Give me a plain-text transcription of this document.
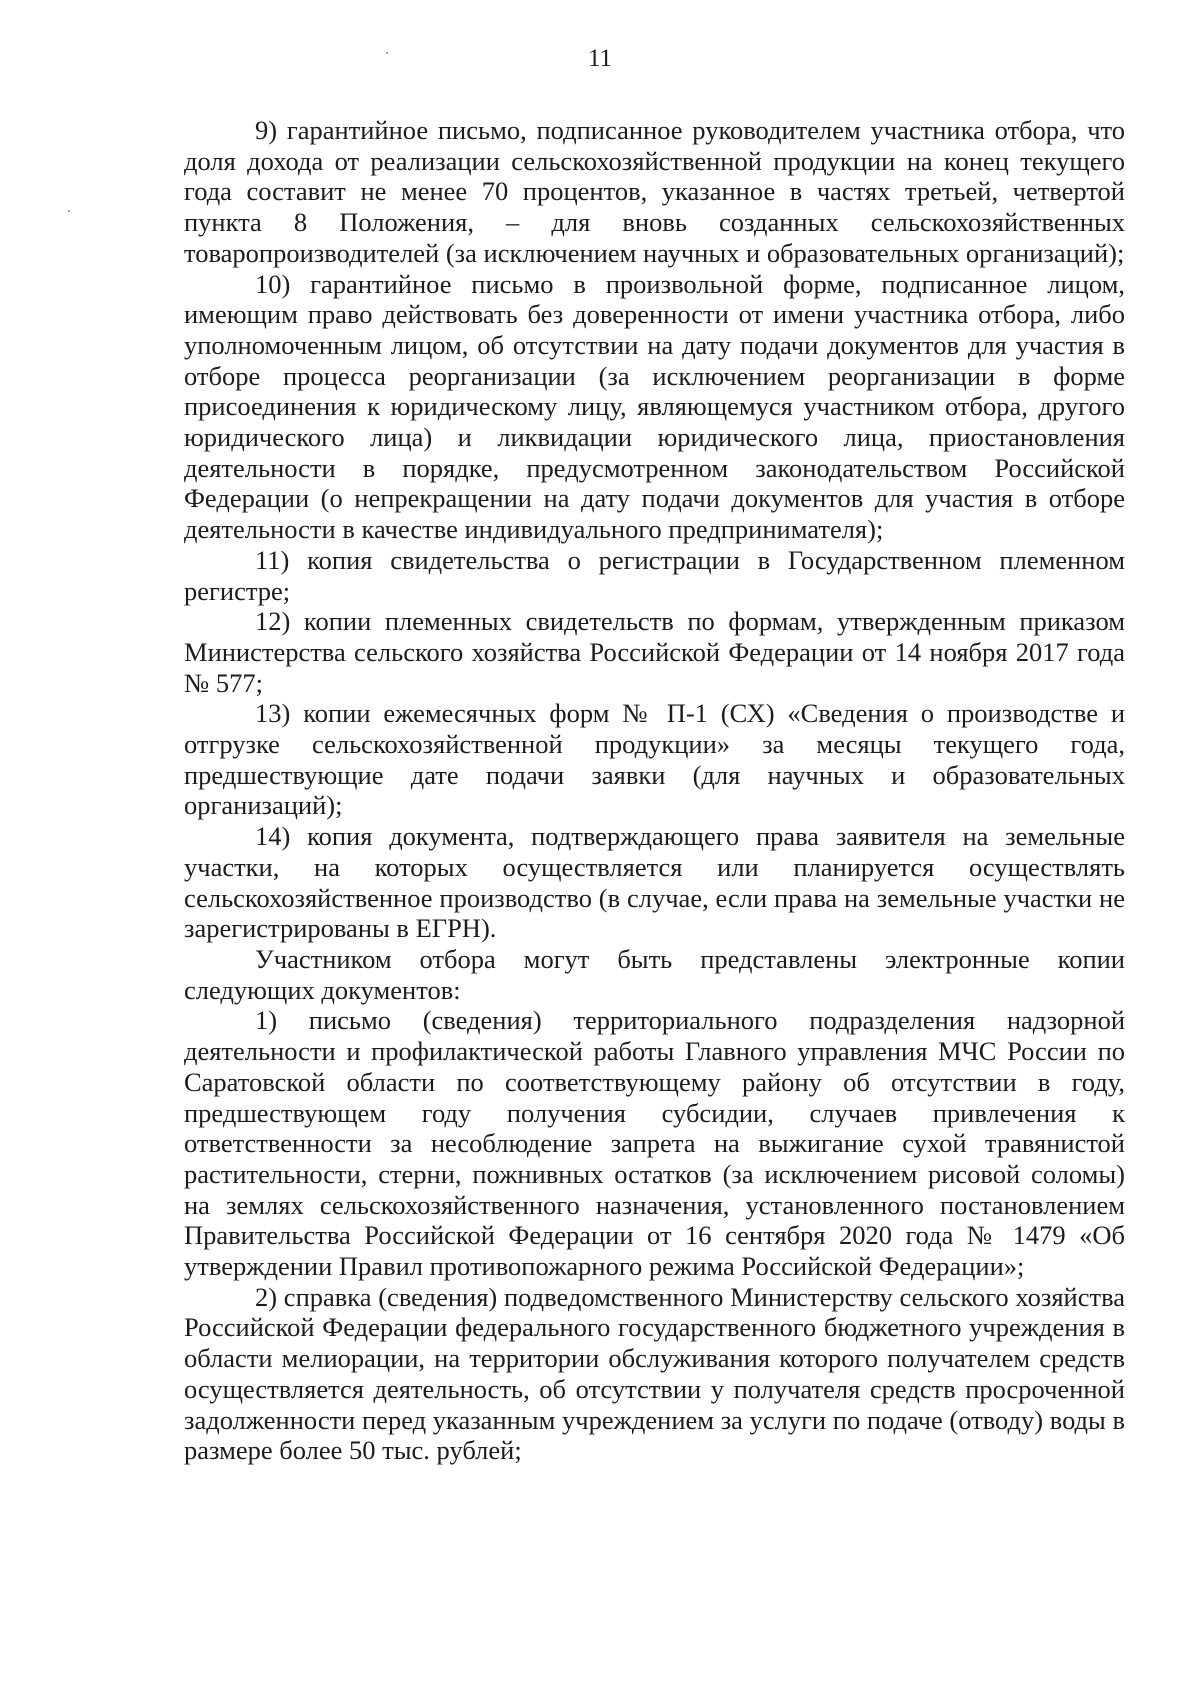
11

9) гарантийное письмо, подписанное руководителем участника отбора, что доля дохода от реализации сельскохозяйственной продукции на конец текущего года составит не менее 70 процентов, указанное в частях третьей, четвертой пункта 8 Положения, – для вновь созданных сельскохозяйственных товаропроизводителей (за исключением научных и образовательных организаций);

10) гарантийное письмо в произвольной форме, подписанное лицом, имеющим право действовать без доверенности от имени участника отбора, либо уполномоченным лицом, об отсутствии на дату подачи документов для участия в отборе процесса реорганизации (за исключением реорганизации в форме присоединения к юридическому лицу, являющемуся участником отбора, другого юридического лица) и ликвидации юридического лица, приостановления деятельности в порядке, предусмотренном законодательством Российской Федерации (о непрекращении на дату подачи документов для участия в отборе деятельности в качестве индивидуального предпринимателя);

11) копия свидетельства о регистрации в Государственном племенном регистре;

12) копии племенных свидетельств по формам, утвержденным приказом Министерства сельского хозяйства Российской Федерации от 14 ноября 2017 года № 577;

13) копии ежемесячных форм № П-1 (СХ) «Сведения о производстве и отгрузке сельскохозяйственной продукции» за месяцы текущего года, предшествующие дате подачи заявки (для научных и образовательных организаций);

14) копия документа, подтверждающего права заявителя на земельные участки, на которых осуществляется или планируется осуществлять сельскохозяйственное производство (в случае, если права на земельные участки не зарегистрированы в ЕГРН).

Участником отбора могут быть представлены электронные копии следующих документов:

1) письмо (сведения) территориального подразделения надзорной деятельности и профилактической работы Главного управления МЧС России по Саратовской области по соответствующему району об отсутствии в году, предшествующем году получения субсидии, случаев привлечения к ответственности за несоблюдение запрета на выжигание сухой травянистой растительности, стерни, пожнивных остатков (за исключением рисовой соломы) на землях сельскохозяйственного назначения, установленного постановлением Правительства Российской Федерации от 16 сентября 2020 года № 1479 «Об утверждении Правил противопожарного режима Российской Федерации»;

2) справка (сведения) подведомственного Министерству сельского хозяйства Российской Федерации федерального государственного бюджетного учреждения в области мелиорации, на территории обслуживания которого получателем средств осуществляется деятельность, об отсутствии у получателя средств просроченной задолженности перед указанным учреждением за услуги по подаче (отводу) воды в размере более 50 тыс. рублей;
